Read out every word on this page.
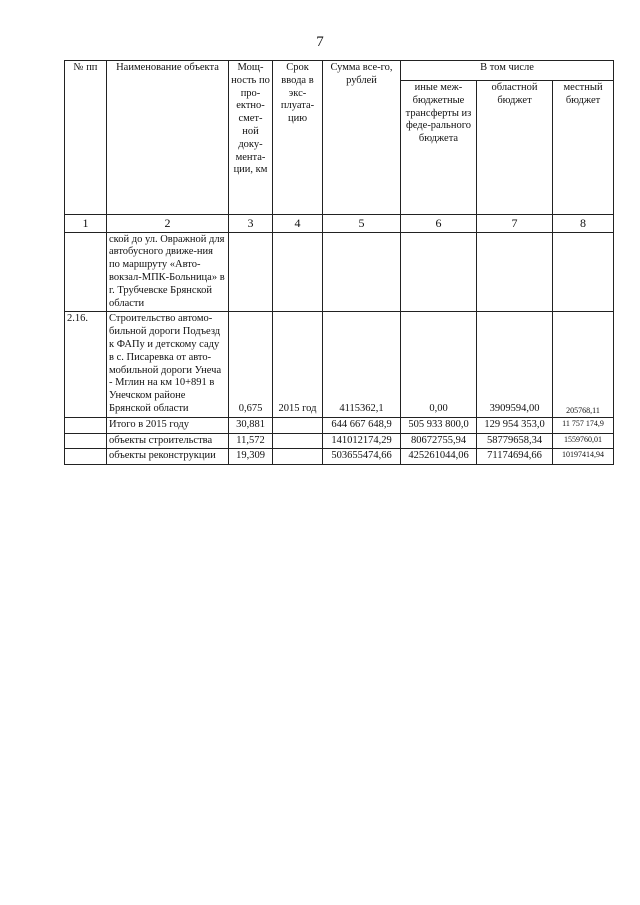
7
№ пп	Наименование объекта	Мощ-ность по про-ектно-смет-ной доку-мента-ции, км	Срок ввода в экс-плуата-цию	Сумма все-го, рублей	В том числе		
					иные меж-бюджетные трансферты из феде-рального бюджета	областной бюджет	местный бюджет
1	2	3	4	5	6	7	8
	ской до ул. Овражной для автобусного движе-ния по маршруту «Авто-вокзал-МПК-Больница» в г. Трубчевске Брянской области						
2.16.	Строительство автомо-бильной дороги Подъезд к ФАПу и детскому саду в с. Писаревка от авто-мобильной дороги Унеча - Мглин на км 10+891 в Унечском районе Брянской области	0,675	2015 год	4115362,1	0,00	3909594,00	205768,11
	Итого в 2015 году	30,881		644 667 648,9	505 933 800,0	129 954 353,0	11 757 174,9
	объекты строительства	11,572		141012174,29	80672755,94	58779658,34	1559760,01
	объекты реконструкции	19,309		503655474,66	425261044,06	71174694,66	10197414,94
